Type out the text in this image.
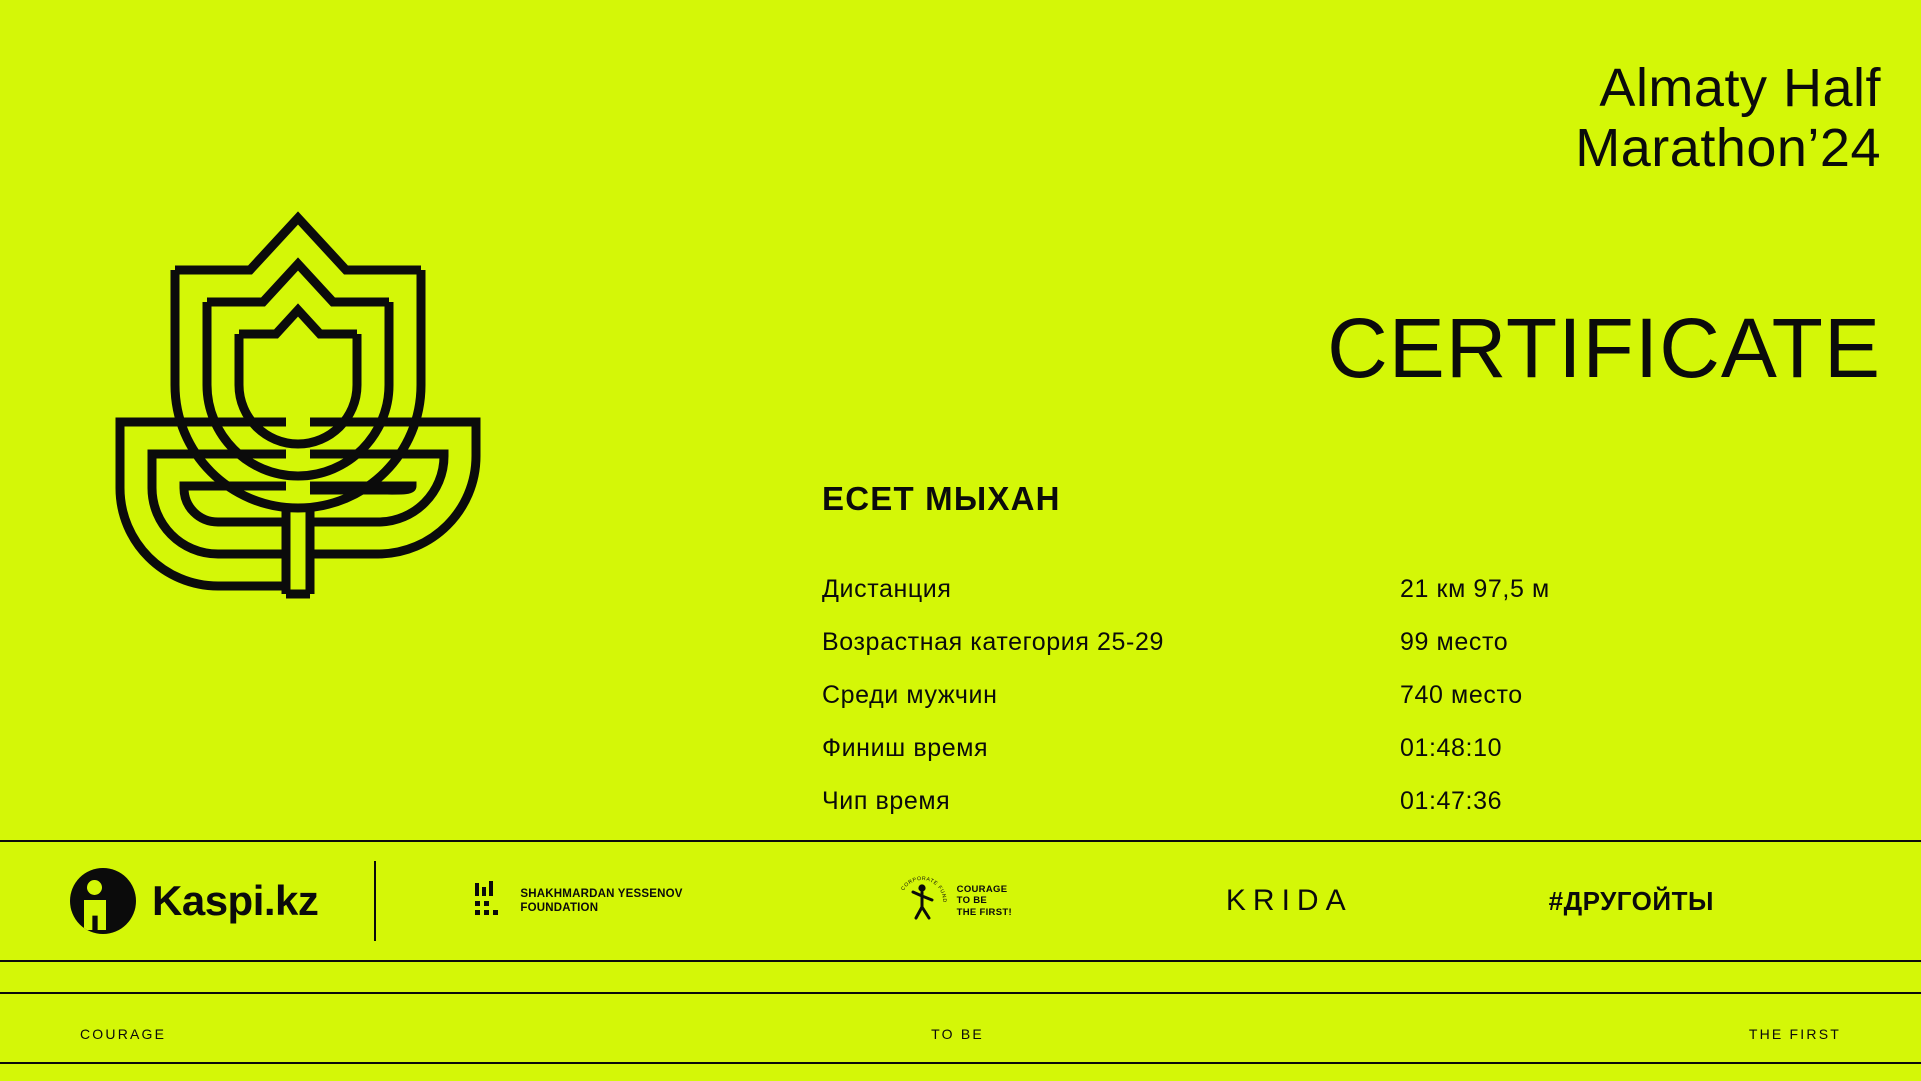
Almaty Half
Marathon’24
CERTIFICATE
ЕСЕТ МЫХАН
Дистанция	21 км 97,5 м
Возрастная категория 25-29	99 место
Среди мужчин	740 место
Финиш время	01:48:10
Чип время	01:47:36
Kaspi.kz	SHAKHMARDAN YESSENOV
FOUNDATION
CORPORATE FUND
COURAGE
TO BE
THE FIRST!	KRIDA	#ДРУГОЙТЫ
COURAGE	TO BE	THE FIRST
